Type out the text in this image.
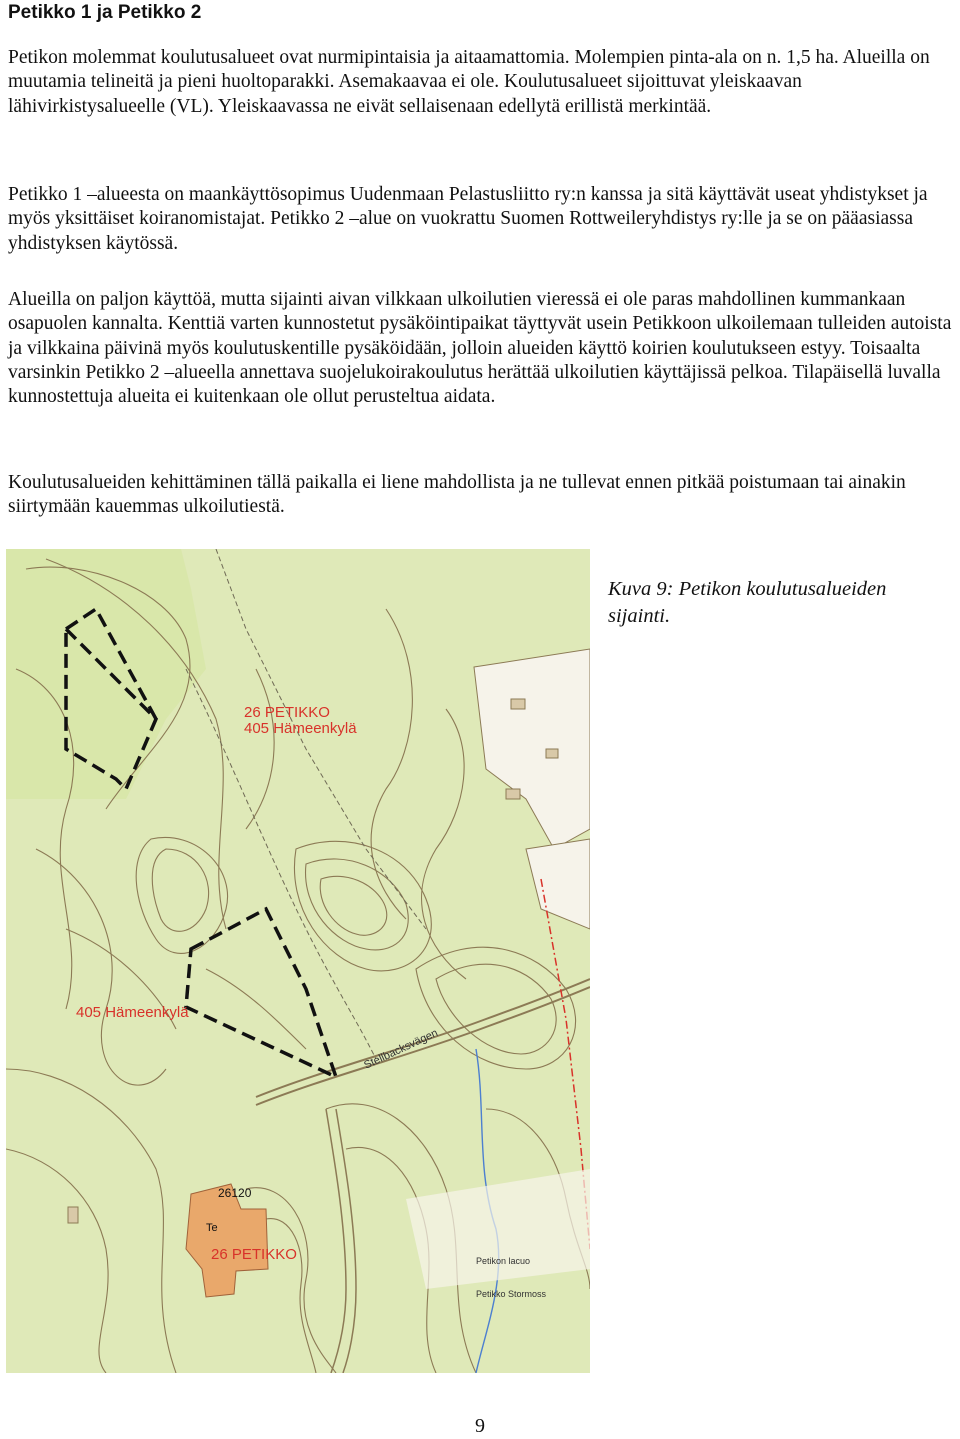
Petikko 1 ja Petikko 2

Petikon molemmat koulutusalueet ovat nurmipintaisia ja aitaamattomia. Molempien pinta-ala on n. 1,5 ha. Alueilla on muutamia telineitä ja pieni huoltoparakki. Asemakaavaa ei ole. Koulutusalueet sijoittuvat yleiskaavan lähivirkistysalueelle (VL). Yleiskaavassa ne eivät sellaisenaan edellytä erillistä merkintää.

Petikko 1 –alueesta on maankäyttösopimus Uudenmaan Pelastusliitto ry:n kanssa ja sitä käyttävät useat yhdistykset ja myös yksittäiset koiranomistajat. Petikko 2 –alue on vuokrattu Suomen Rottweileryhdistys ry:lle ja se on pääasiassa yhdistyksen käytössä.

Alueilla on paljon käyttöä, mutta sijainti aivan vilkkaan ulkoilutien vieressä ei ole paras mahdollinen kummankaan osapuolen kannalta. Kenttiä varten kunnostetut pysäköintipaikat täyttyvät usein Petikkoon ulkoilemaan tulleiden autoista ja vilkkaina päivinä myös koulutuskentille pysäköidään, jolloin alueiden käyttö koirien koulutukseen estyy. Toisaalta varsinkin Petikko 2 –alueella annettava suojelukoirakoulutus herättää ulkoilutien käyttäjissä pelkoa. Tilapäisellä luvalla kunnostettuja alueita ei kuitenkaan ole ollut perusteltua aidata.

Koulutusalueiden kehittäminen tällä paikalla ei liene mahdollista ja ne tullevat ennen pitkää poistumaan tai ainakin siirtymään kauemmas ulkoilutiestä.

26 PETIKKO
405 Hämeenkylä
405 Hämeenkylä
26 PETIKKO
26120
Te
Stellbacksvägen
Petikon lacuo
Petikko Stormoss
Kuva 9: Petikon koulutusalueiden sijainti.
9
